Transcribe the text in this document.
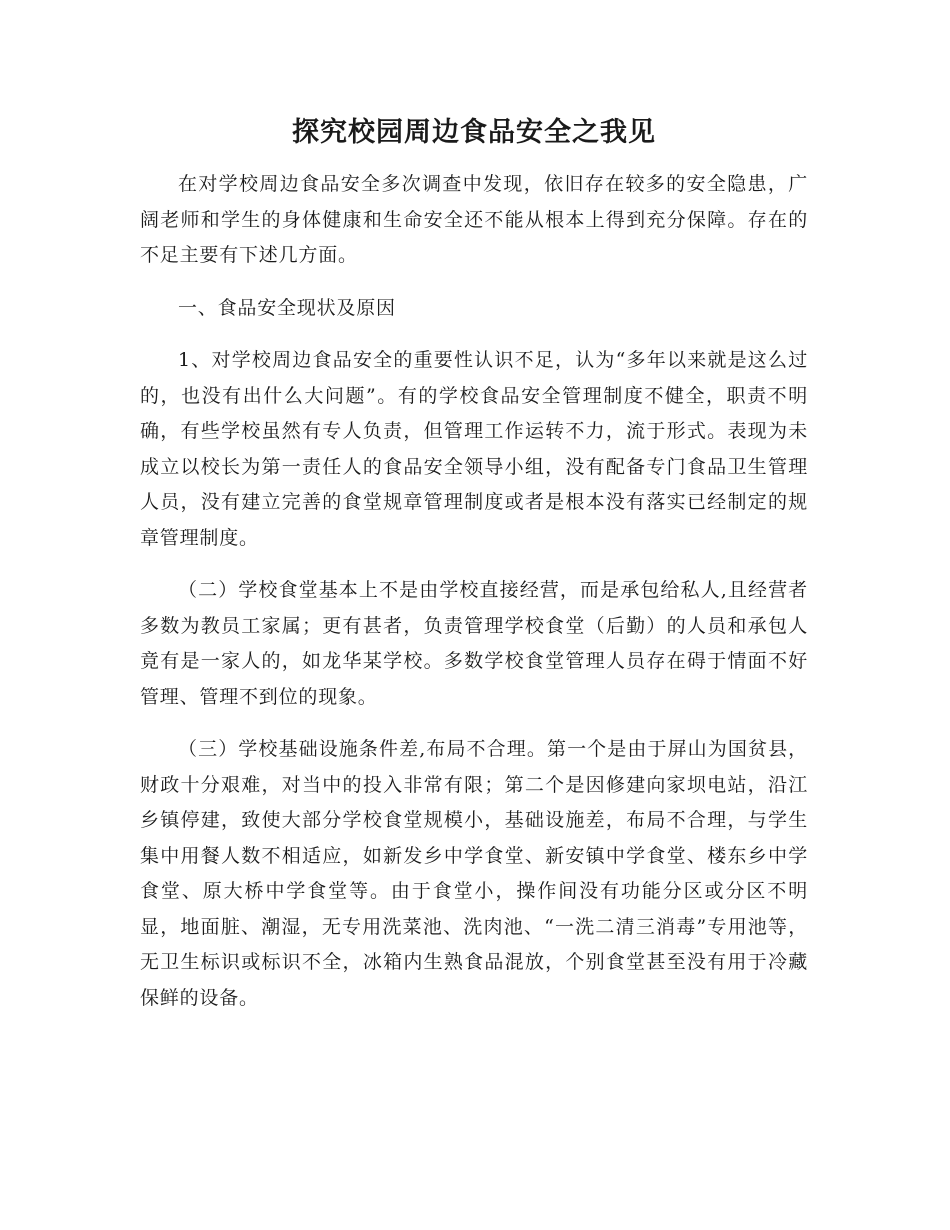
探究校园周边食品安全之我见

在对学校周边食品安全多次调查中发现，依旧存在较多的安全隐患，广阔老师和学生的身体健康和生命安全还不能从根本上得到充分保障。存在的不足主要有下述几方面。

一、食品安全现状及原因

1、对学校周边食品安全的重要性认识不足，认为“多年以来就是这么过的，也没有出什么大问题”。有的学校食品安全管理制度不健全，职责不明确，有些学校虽然有专人负责，但管理工作运转不力，流于形式。表现为未成立以校长为第一责任人的食品安全领导小组，没有配备专门食品卫生管理人员，没有建立完善的食堂规章管理制度或者是根本没有落实已经制定的规章管理制度。

（二）学校食堂基本上不是由学校直接经营，而是承包给私人,且经营者多数为教员工家属；更有甚者，负责管理学校食堂（后勤）的人员和承包人竟有是一家人的，如龙华某学校。多数学校食堂管理人员存在碍于情面不好管理、管理不到位的现象。

（三）学校基础设施条件差,布局不合理。第一个是由于屏山为国贫县，财政十分艰难，对当中的投入非常有限；第二个是因修建向家坝电站，沿江乡镇停建，致使大部分学校食堂规模小，基础设施差，布局不合理，与学生集中用餐人数不相适应，如新发乡中学食堂、新安镇中学食堂、楼东乡中学食堂、原大桥中学食堂等。由于食堂小，操作间没有功能分区或分区不明显，地面脏、潮湿，无专用洗菜池、洗肉池、“一洗二清三消毒”专用池等，无卫生标识或标识不全，冰箱内生熟食品混放，个别食堂甚至没有用于冷藏保鲜的设备。
